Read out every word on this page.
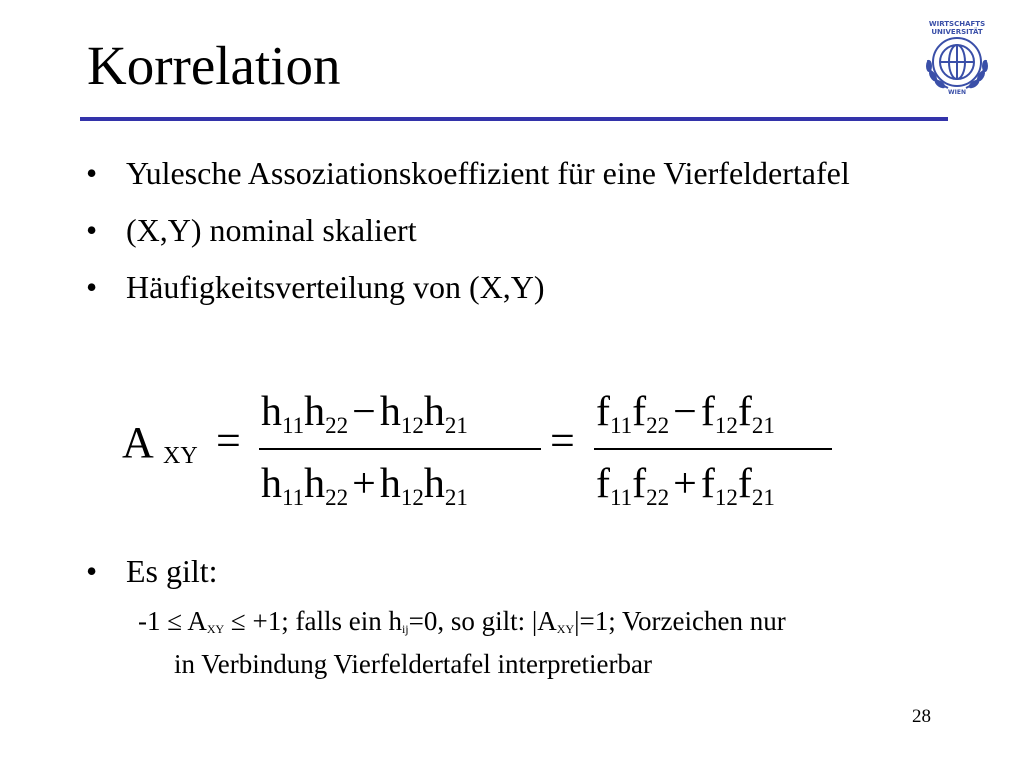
Korrelation
WIRTSCHAFTS
UNIVERSITÄT
WIEN
• Yulesche Assoziationskoeffizient für eine Vierfeldertafel
• (X,Y) nominal skaliert
• Häufigkeitsverteilung von (X,Y)
A XY =
$h_{11}h_{22}-h_{12}h_{21}$
$h_{11}h_{22}+h_{12}h_{21}$
=
$f_{11}f_{22}-f_{12}f_{21}$
$f_{11}f_{22}+f_{12}f_{21}$
• Es gilt:
-1 ≤ AXY ≤ +1; falls ein hij=0, so gilt: |AXY|=1; Vorzeichen nur
in Verbindung Vierfeldertafel interpretierbar
28
